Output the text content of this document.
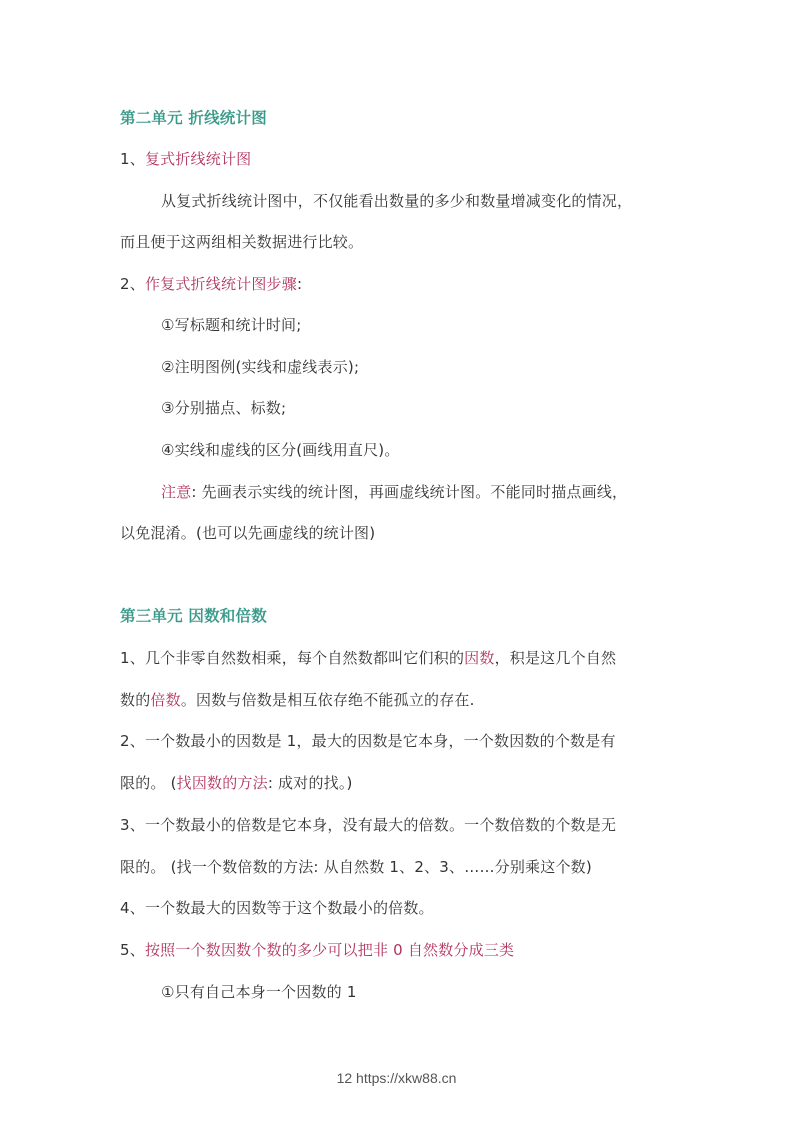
第二单元 折线统计图
1、复式折线统计图
从复式折线统计图中，不仅能看出数量的多少和数量增减变化的情况，
而且便于这两组相关数据进行比较。
2、作复式折线统计图步骤:
①写标题和统计时间;
②注明图例(实线和虚线表示);
③分别描点、标数;
④实线和虚线的区分(画线用直尺)。
注意: 先画表示实线的统计图，再画虚线统计图。不能同时描点画线，
以免混淆。(也可以先画虚线的统计图)
第三单元 因数和倍数
1、几个非零自然数相乘，每个自然数都叫它们积的因数，积是这几个自然
数的倍数。因数与倍数是相互依存绝不能孤立的存在.
2、一个数最小的因数是 1，最大的因数是它本身，一个数因数的个数是有
限的。 (找因数的方法: 成对的找。)
3、一个数最小的倍数是它本身，没有最大的倍数。一个数倍数的个数是无
限的。 (找一个数倍数的方法: 从自然数 1、2、3、……分别乘这个数)
4、一个数最大的因数等于这个数最小的倍数。
5、按照一个数因数个数的多少可以把非 0 自然数分成三类
①只有自己本身一个因数的 1
12 https://xkw88.cn
